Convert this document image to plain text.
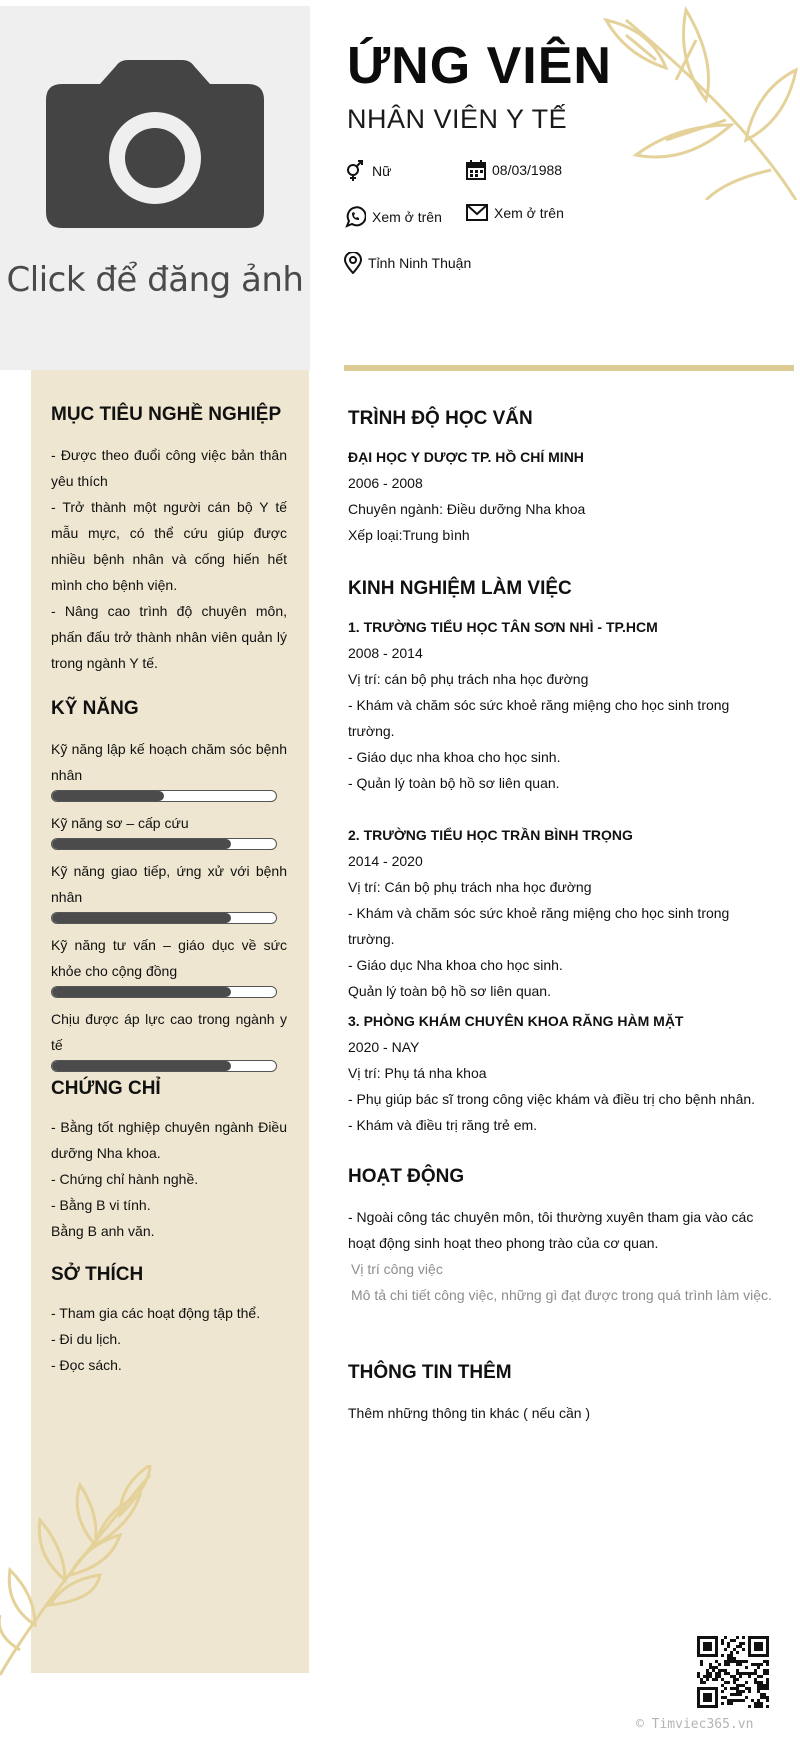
Click để đăng ảnh
ỨNG VIÊN
NHÂN VIÊN Y TẾ
Nữ	08/03/1988
Xem ở trên	Xem ở trên
Tỉnh Ninh Thuận
MỤC TIÊU NGHỀ NGHIỆP
- Được theo đuổi công việc bản thân yêu thích
- Trở thành một người cán bộ Y tế mẫu mực, có thể cứu giúp được nhiều bệnh nhân và cống hiến hết mình cho bệnh viện.
- Nâng cao trình độ chuyên môn, phấn đấu trở thành nhân viên quản lý trong ngành Y tế.
KỸ NĂNG
Kỹ năng lập kế hoạch chăm sóc bệnh nhân
Kỹ năng sơ – cấp cứu
Kỹ năng giao tiếp, ứng xử với bệnh nhân
Kỹ năng tư vấn – giáo dục về sức khỏe cho cộng đồng
Chịu được áp lực cao trong ngành y tế
CHỨNG CHỈ
- Bằng tốt nghiệp chuyên ngành Điều dưỡng Nha khoa.
- Chứng chỉ hành nghề.
- Bằng B vi tính.
Bằng B anh văn.
SỞ THÍCH
- Tham gia các hoạt động tập thể.
- Đi du lịch.
- Đọc sách.
TRÌNH ĐỘ HỌC VẤN
ĐẠI HỌC Y DƯỢC TP. HỒ CHÍ MINH
2006 - 2008
Chuyên ngành: Điều dưỡng Nha khoa
Xếp loại:Trung bình
KINH NGHIỆM LÀM VIỆC
1. TRƯỜNG TIỂU HỌC TÂN SƠN NHÌ - TP.HCM
2008 - 2014
Vị trí: cán bộ phụ trách nha học đường
- Khám và chăm sóc sức khoẻ răng miệng cho học sinh trong trường.
- Giáo dục nha khoa cho học sinh.
- Quản lý toàn bộ hồ sơ liên quan.
2. TRƯỜNG TIỂU HỌC TRẦN BÌNH TRỌNG
2014 - 2020
Vị trí: Cán bộ phụ trách nha học đường
- Khám và chăm sóc sức khoẻ răng miệng cho học sinh trong trường.
- Giáo dục Nha khoa cho học sinh.
Quản lý toàn bộ hồ sơ liên quan.
3. PHÒNG KHÁM CHUYÊN KHOA RĂNG HÀM MẶT
2020 - NAY
Vị trí: Phụ tá nha khoa
- Phụ giúp bác sĩ trong công việc khám và điều trị cho bệnh nhân.
- Khám và điều trị răng trẻ em.
HOẠT ĐỘNG
- Ngoài công tác chuyên môn, tôi thường xuyên tham gia vào các hoạt động sinh hoạt theo phong trào của cơ quan.
Vị trí công việc
Mô tả chi tiết công việc, những gì đạt được trong quá trình làm việc.
THÔNG TIN THÊM
Thêm những thông tin khác ( nếu cần )
© Timviec365.vn
